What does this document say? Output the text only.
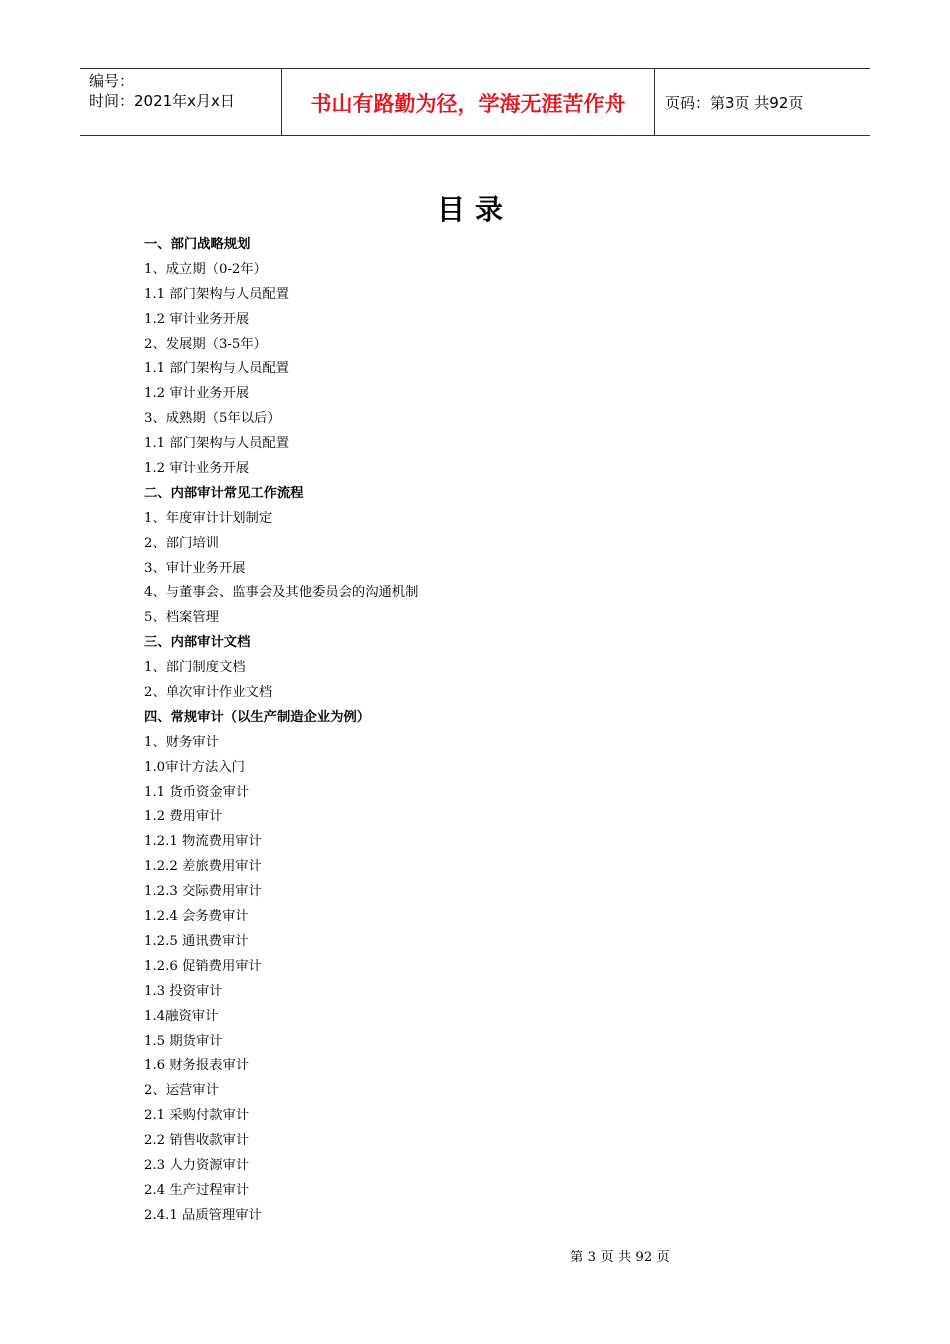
编号：
时间：2021年x月x日	书山有路勤为径，学海无涯苦作舟	页码：第3页 共92页
目录
一、部门战略规划
1、成立期（0-2年）
1.1 部门架构与人员配置
1.2 审计业务开展
2、发展期（3-5年）
1.1 部门架构与人员配置
1.2 审计业务开展
3、成熟期（5年以后）
1.1 部门架构与人员配置
1.2 审计业务开展
二、内部审计常见工作流程
1、年度审计计划制定
2、部门培训
3、审计业务开展
4、与董事会、监事会及其他委员会的沟通机制
5、档案管理
三、内部审计文档
1、部门制度文档
2、单次审计作业文档
四、常规审计（以生产制造企业为例）
1、财务审计
1.0审计方法入门
1.1 货币资金审计
1.2 费用审计
1.2.1 物流费用审计
1.2.2 差旅费用审计
1.2.3 交际费用审计
1.2.4 会务费审计
1.2.5 通讯费审计
1.2.6 促销费用审计
1.3 投资审计
1.4融资审计
1.5 期货审计
1.6 财务报表审计
2、运营审计
2.1 采购付款审计
2.2 销售收款审计
2.3 人力资源审计
2.4 生产过程审计
2.4.1 品质管理审计
第 3 页 共 92 页
